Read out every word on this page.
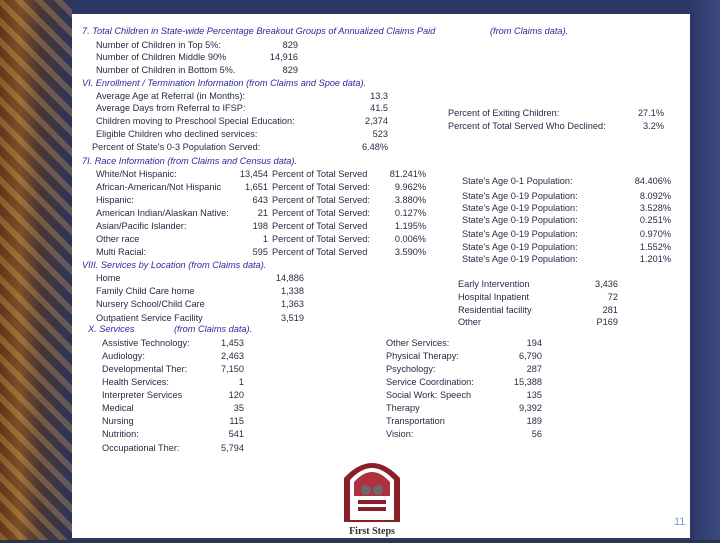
7. Total Children in State-wide Percentage Breakout Groups of Annualized Claims Paid	(from Claims data).
Number of Children in Top 5%:	829
Number of Children Middle 90%	14,916
Number of Children in Bottom 5%.	829
VI. Enrollment / Termination Information (from Claims and Spoe data).
Average Age at Referral (in Months):	13.3
Average Days from Referral to IFSP:	41.5
Children moving to Preschool Special Education:	2,374
Eligible Children who declined services:	523
Percent of State's 0-3 Population Served:	6.48%
Percent of Exiting Children:	27.1%
Percent of Total Served Who Declined:	3.2%
7I. Race Information (from Claims and Census data).
White/Not Hispanic:	13,454 Percent of Total Served	81.241%
African-American/Not Hispanic	1,651 Percent of Total Served:	9.962%
Hispanic:	643 Percent of Total Served:	3.880%
American Indian/Alaskan Native:	21 Percent of Total Served:	0.127%
Asian/Pacific Islander:	198 Percent of Total Served	1.195%
Other race	1 Percent of Total Served:	0.006%
Multi Racial:	595 Percent of Total Served	3.590%
State's Age 0-1 Population:	84.406%
State's Age 0-19 Population:	8.092%
State's Age 0-19 Population:	3.528%
State's Age 0-19 Population:	0.251%
State's Age 0-19 Population:	0.970%
State's Age 0-19 Population:	1.552%
State's Age 0-19 Population:	1.201%
VIII. Services by Location (from Claims data).
Home	14,886
Family Child Care home	1,338
Nursery School/Child Care	1,363
Outpatient Service Facility	3,519
Early Intervention	3,436
Hospital Inpatient	72
Residential facility	281
Other	P169
X. Services	(from Claims data).
Assistive Technology:	1,453
Audiology:	2,463
Developmental Ther:	7,150
Health Services:	1
Interpreter Services	120
Medical	35
Nursing	115
Nutrition:	541
Occupational Ther:	5,794
Other Services:	194
Physical Therapy:	6,790
Psychology:	287
Service Coordination:	15,388
Social Work: Speech	135
Therapy	9,392
Transportation	189
Vision:	56
First Steps
11
